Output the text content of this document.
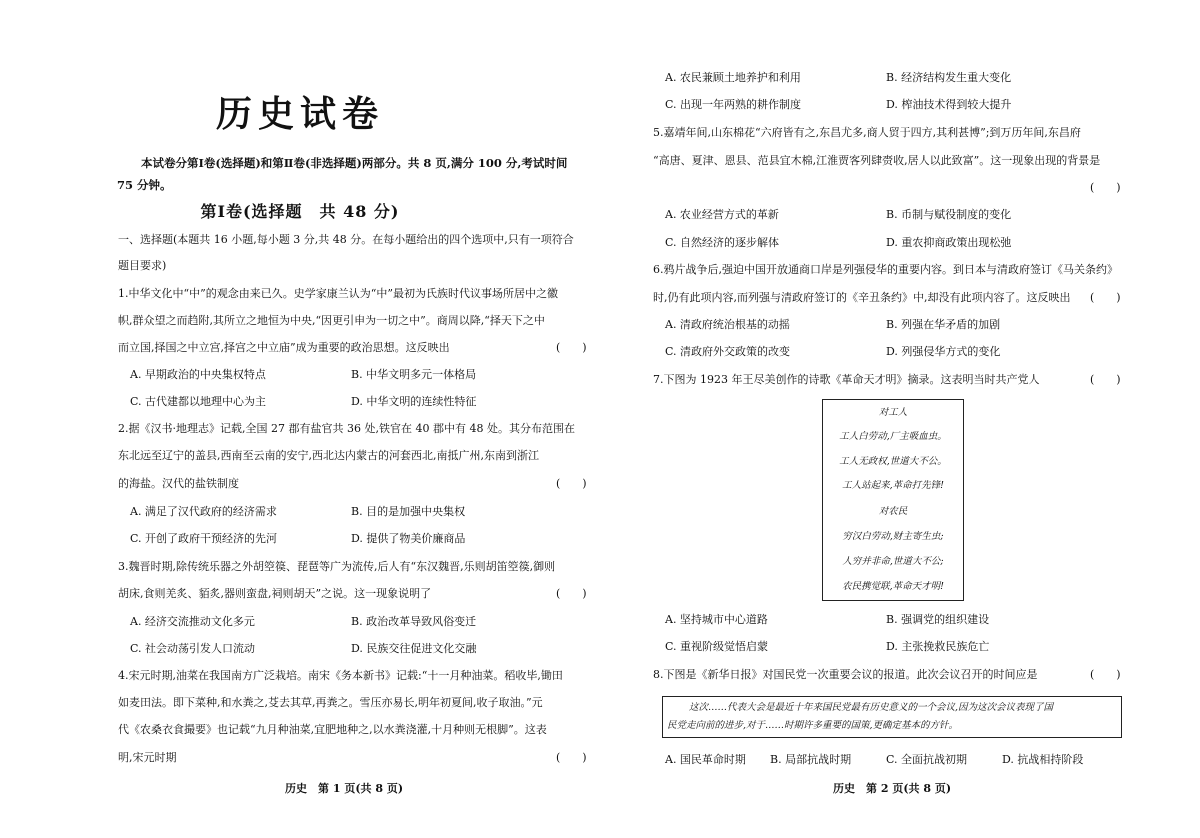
历史试卷
本试卷分第Ⅰ卷(选择题)和第Ⅱ卷(非选择题)两部分。共 8 页,满分 100 分,考试时间 75 分钟。
第Ⅰ卷(选择题　共 48 分)
一、选择题(本题共 16 小题,每小题 3 分,共 48 分。在每小题给出的四个选项中,只有一项符合
题目要求)
1.中华文化中“中”的观念由来已久。史学家康兰认为“中”最初为氏族时代议事场所居中之徽
帜,群众望之而趋附,其所立之地恒为中央,“因更引申为一切之中”。商周以降,“择天下之中
而立国,择国之中立宫,择宫之中立庙”成为重要的政治思想。这反映出	(　　)
A. 早期政治的中央集权特点	B. 中华文明多元一体格局
C. 古代建都以地理中心为主	D. 中华文明的连续性特征
2.据《汉书·地理志》记载,全国 27 郡有盐官共 36 处,铁官在 40 郡中有 48 处。其分布范围在
东北远至辽宁的盖县,西南至云南的安宁,西北达内蒙古的河套西北,南抵广州,东南到浙江
的海盐。汉代的盐铁制度	(　　)
A. 满足了汉代政府的经济需求	B. 目的是加强中央集权
C. 开创了政府干预经济的先河	D. 提供了物美价廉商品
3.魏晋时期,除传统乐器之外胡箜篌、琵琶等广为流传,后人有“东汉魏晋,乐则胡笛箜篌,御则
胡床,食则羌炙、貊炙,器则蛮盘,祠则胡天”之说。这一现象说明了	(　　)
A. 经济交流推动文化多元	B. 政治改革导致风俗变迁
C. 社会动荡引发人口流动	D. 民族交往促进文化交融
4.宋元时期,油菜在我国南方广泛栽培。南宋《务本新书》记载:“十一月种油菜。稻收毕,锄田
如麦田法。即下菜种,和水粪之,芟去其草,再粪之。雪压亦易长,明年初夏间,收子取油。”元
代《农桑衣食撮要》也记载“九月种油菜,宜肥地种之,以水粪浇灌,十月种则无根脚”。这表
明,宋元时期	(　　)
历史　第 1 页(共 8 页)
A. 农民兼顾土地养护和利用	B. 经济结构发生重大变化
C. 出现一年两熟的耕作制度	D. 榨油技术得到较大提升
5.嘉靖年间,山东棉花“六府皆有之,东昌尤多,商人贸于四方,其利甚博”;到万历年间,东昌府
“高唐、夏津、恩县、范县宜木棉,江淮贾客列肆赍收,居人以此致富”。这一现象出现的背景是
(　　)
A. 农业经营方式的革新	B. 币制与赋役制度的变化
C. 自然经济的逐步解体	D. 重农抑商政策出现松弛
6.鸦片战争后,强迫中国开放通商口岸是列强侵华的重要内容。到日本与清政府签订《马关条约》
时,仍有此项内容,而列强与清政府签订的《辛丑条约》中,却没有此项内容了。这反映出 (　　)
A. 清政府统治根基的动摇	B. 列强在华矛盾的加剧
C. 清政府外交政策的改变	D. 列强侵华方式的变化
7.下图为 1923 年王尽美创作的诗歌《革命天才明》摘录。这表明当时共产党人	(　　)
对工人
工人白劳动,厂主吸血虫。
工人无政权,世道大不公。
工人站起来,革命打先锋!
对农民
穷汉白劳动,财主寄生虫;
人穷并非命,世道大不公;
农民携觉联,革命天才明!
A. 坚持城市中心道路	B. 强调党的组织建设
C. 重视阶级觉悟启蒙	D. 主张挽救民族危亡
8.下图是《新华日报》对国民党一次重要会议的报道。此次会议召开的时间应是	(　　)
这次……代表大会是最近十年来国民党最有历史意义的一个会议,因为这次会议表现了国
民党走向前的进步,对于……时期许多重要的国策,更确定基本的方针。
A. 国民革命时期 B. 局部抗战时期	C. 全面抗战初期	D. 抗战相持阶段
历史　第 2 页(共 8 页)
